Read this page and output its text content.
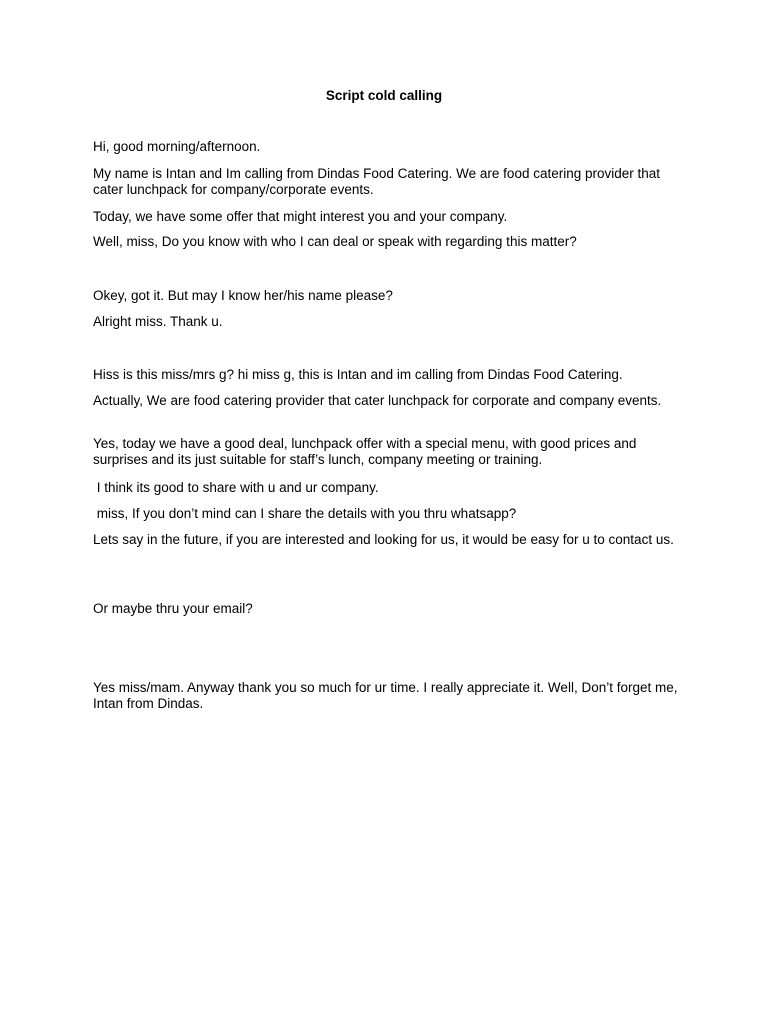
Script cold calling

Hi, good morning/afternoon.

My name is Intan and Im calling from Dindas Food Catering. We are food catering provider that cater lunchpack for company/corporate events.

Today, we have some offer that might interest you and your company.

Well, miss, Do you know with who I can deal or speak with regarding this matter?

Okey, got it. But may I know her/his name please?

Alright miss. Thank u.

Hiss is this miss/mrs g? hi miss g, this is Intan and im calling from Dindas Food Catering.

Actually, We are food catering provider that cater lunchpack for corporate and company events.

Yes, today we have a good deal, lunchpack offer with a special menu, with good prices and surprises and its just suitable for staff’s lunch, company meeting or training.

I think its good to share with u and ur company.

miss, If you don’t mind can I share the details with you thru whatsapp?

Lets say in the future, if you are interested and looking for us, it would be easy for u to contact us.

Or maybe thru your email?

Yes miss/mam. Anyway thank you so much for ur time. I really appreciate it. Well, Don’t forget me, Intan from Dindas.
